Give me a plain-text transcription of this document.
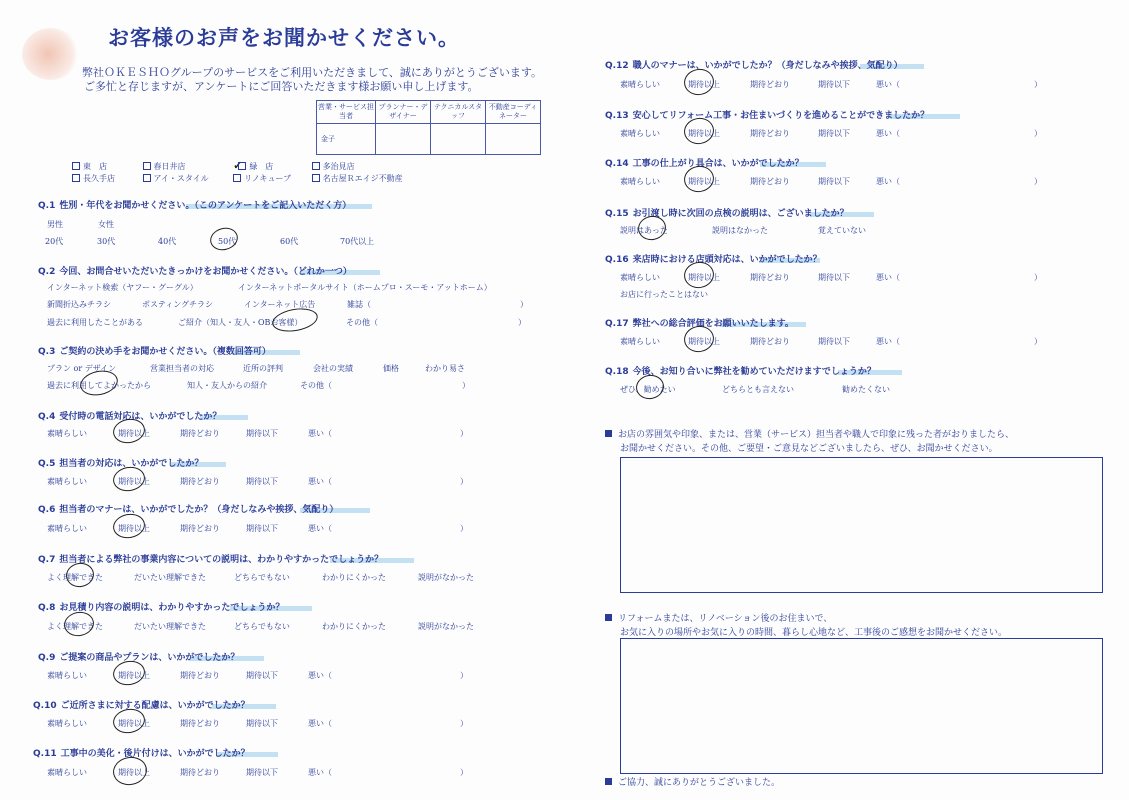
お客様のお声をお聞かせください。
弊社ＯＫＥＳＨＯグループのサービスをご利用いただきまして、誠にありがとうございます。
ご多忙と存じますが、アンケートにご回答いただきます様お願い申し上げます。
営業・サービス担当者	プランナー・デザイナー	テクニカルスタッフ	不動産コーディネーター
金子			
東　店	春日井店	✓ 緑　店	多治見店
長久手店	アイ・スタイル	リノキューブ	名古屋Ｒエイジ不動産
Q.1 性別・年代をお聞かせください。（このアンケートをご記入いただく方）
男性	女性
20代	30代	40代	50代	60代	70代以上
Q.2 今回、お問合せいただいたきっかけをお聞かせください。（どれか一つ）
インターネット検索（ヤフー・グーグル）	インターネットポータルサイト（ホームプロ・スーモ・アットホーム）
新聞折込みチラシ	ポスティングチラシ	インターネット広告	雑誌（	）
過去に利用したことがある	ご紹介（知人・友人・OBお客様）	その他（	）
Q.3 ご契約の決め手をお聞かせください。（複数回答可）
プラン or デザイン	営業担当者の対応	近所の評判	会社の実績	価格	わかり易さ
過去に利用してよかったから	知人・友人からの紹介	その他（	）
Q.4 受付時の電話対応は、いかがでしたか？
素晴らしい	期待以上	期待どおり	期待以下	悪い（	）
Q.5 担当者の対応は、いかがでしたか？
素晴らしい	期待以上	期待どおり	期待以下	悪い（	）
Q.6 担当者のマナーは、いかがでしたか？（身だしなみや挨拶、気配り）
素晴らしい	期待以上	期待どおり	期待以下	悪い（	）
Q.7 担当者による弊社の事業内容についての説明は、わかりやすかったでしょうか？
よく理解できた	だいたい理解できた	どちらでもない	わかりにくかった	説明がなかった
Q.8 お見積り内容の説明は、わかりやすかったでしょうか？
よく理解できた	だいたい理解できた	どちらでもない	わかりにくかった	説明がなかった
Q.9 ご提案の商品やプランは、いかがでしたか？
素晴らしい	期待以上	期待どおり	期待以下	悪い（	）
Q.10 ご近所さまに対する配慮は、いかがでしたか？
素晴らしい	期待以上	期待どおり	期待以下	悪い（	）
Q.11 工事中の美化・後片付けは、いかがでしたか？
素晴らしい	期待以上	期待どおり	期待以下	悪い（	）
Q.12 職人のマナーは、いかがでしたか？（身だしなみや挨拶、気配り）
素晴らしい	期待以上	期待どおり	期待以下	悪い（	）
Q.13 安心してリフォーム工事・お住まいづくりを進めることができましたか？
素晴らしい	期待以上	期待どおり	期待以下	悪い（	）
Q.14 工事の仕上がり具合は、いかがでしたか？
素晴らしい	期待以上	期待どおり	期待以下	悪い（	）
Q.15 お引渡し時に次回の点検の説明は、ございましたか？
説明はあった	説明はなかった	覚えていない
Q.16 来店時における店頭対応は、いかがでしたか？
素晴らしい	期待以上	期待どおり	期待以下	悪い（	）
お店に行ったことはない
Q.17 弊社への総合評価をお願いいたします。
素晴らしい	期待以上	期待どおり	期待以下	悪い（	）
Q.18 今後、お知り合いに弊社を勧めていただけますでしょうか？
ぜひ、勧めたい	どちらとも言えない	勧めたくない
お店の雰囲気や印象、または、営業（サービス）担当者や職人で印象に残った者がおりましたら、
お聞かせください。その他、ご要望・ご意見などございましたら、ぜひ、お聞かせください。
リフォームまたは、リノベーション後のお住まいで、
お気に入りの場所やお気に入りの時間、暮らし心地など、工事後のご感想をお聞かせください。
ご協力、誠にありがとうございました。
